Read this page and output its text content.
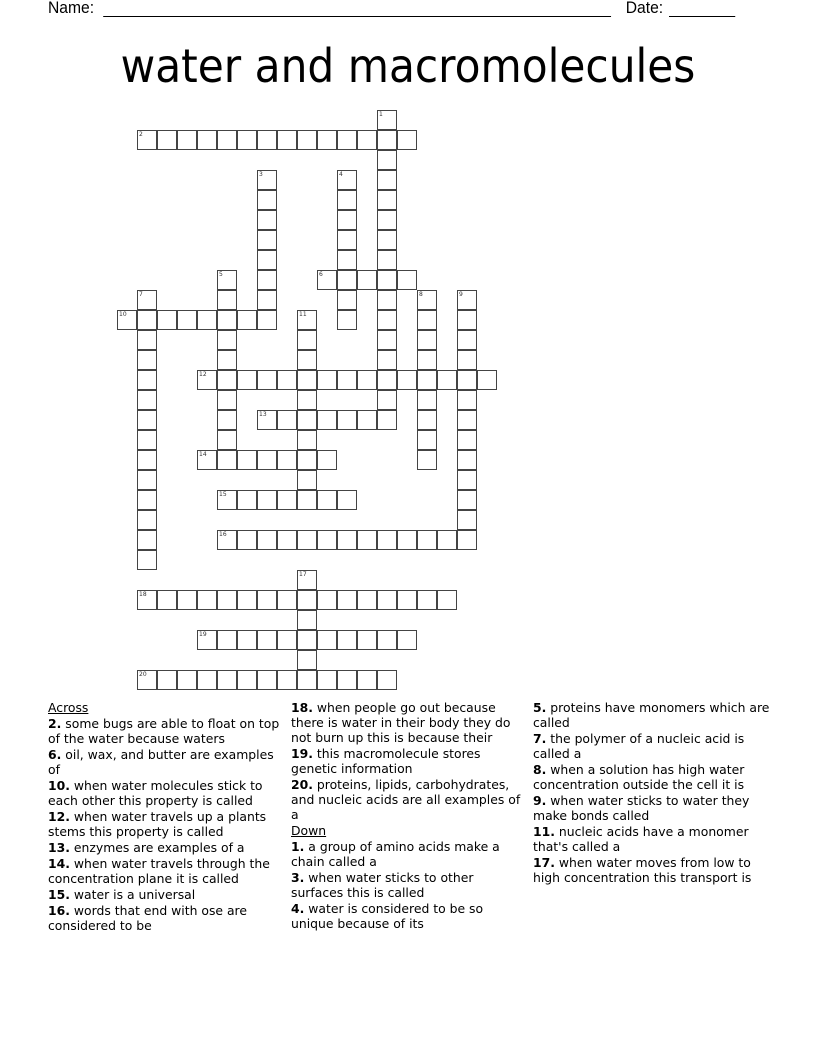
Name:	Date:
water and macromolecules
1
2
3	4
5	6
7	8	9
10	11
12
13
14
15
16
17
18
19
20
Across
2. some bugs are able to float on top of the water because waters
6. oil, wax, and butter are examples of
10. when water molecules stick to each other this property is called
12. when water travels up a plants stems this property is called
13. enzymes are examples of a
14. when water travels through the concentration plane it is called
15. water is a universal
16. words that end with ose are considered to be
18. when people go out because there is water in their body they do not burn up this is because their
19. this macromolecule stores genetic information
20. proteins, lipids, carbohydrates, and nucleic acids are all examples of a
Down
1. a group of amino acids make a chain called a
3. when water sticks to other surfaces this is called
4. water is considered to be so unique because of its
5. proteins have monomers which are called
7. the polymer of a nucleic acid is called a
8. when a solution has high water concentration outside the cell it is
9. when water sticks to water they make bonds called
11. nucleic acids have a monomer that's called a
17. when water moves from low to high concentration this transport is
